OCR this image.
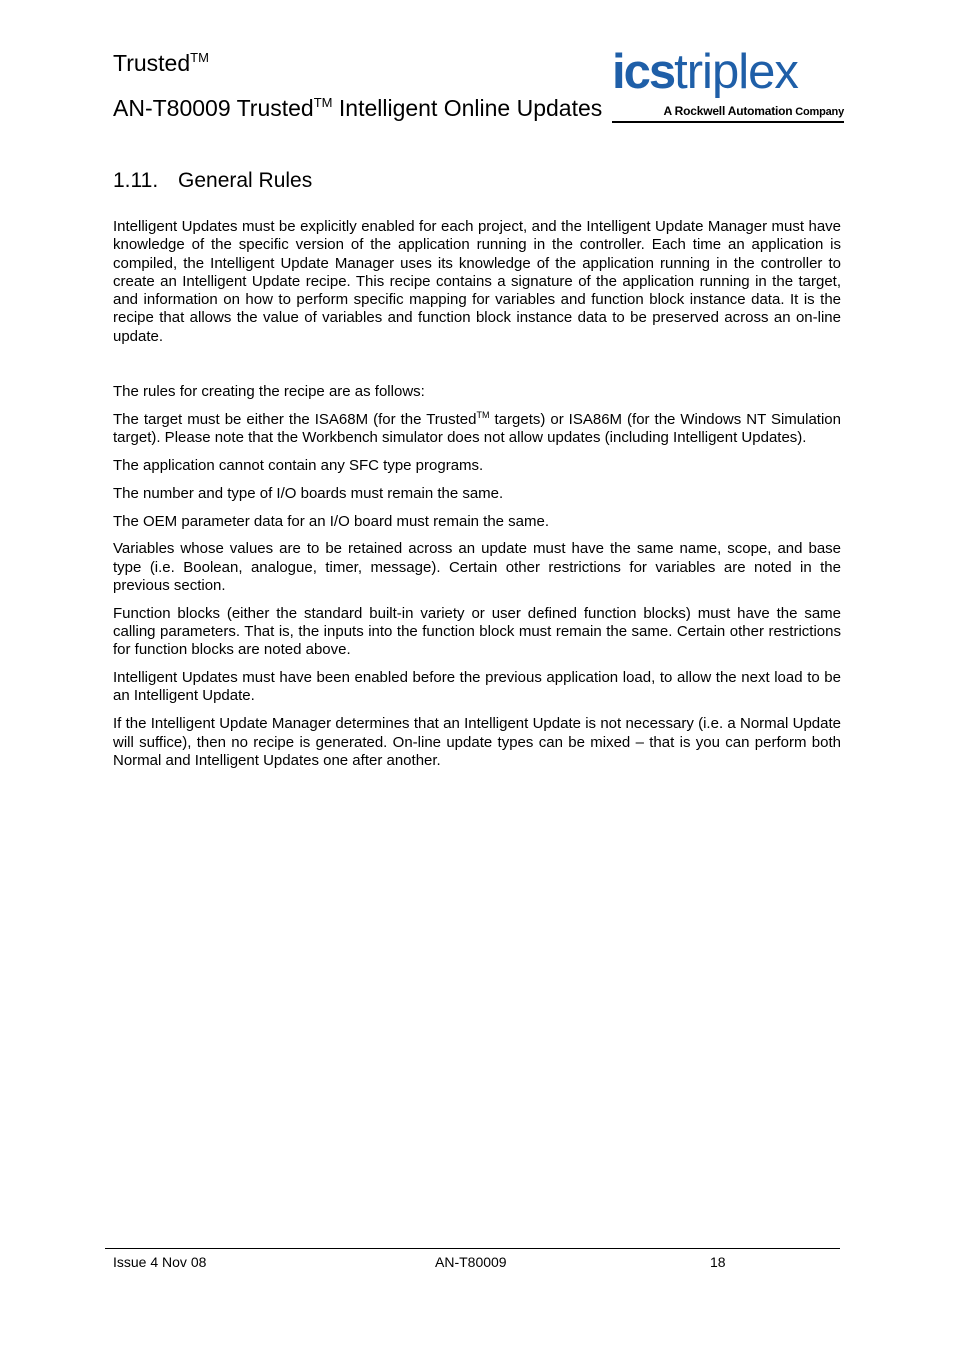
Trusted™
AN-T80009 Trusted™ Intelligent Online Updates
icstriplex
A Rockwell Automation Company
1.11. General Rules

Intelligent Updates must be explicitly enabled for each project, and the Intelligent Update Manager must have knowledge of the specific version of the application running in the controller. Each time an application is compiled, the Intelligent Update Manager uses its knowledge of the application running in the controller to create an Intelligent Update recipe. This recipe contains a signature of the application running in the target, and information on how to perform specific mapping for variables and function block instance data. It is the recipe that allows the value of variables and function block instance data to be preserved across an on-line update.

The rules for creating the recipe are as follows:

The target must be either the ISA68M (for the Trusted™ targets) or ISA86M (for the Windows NT Simulation target). Please note that the Workbench simulator does not allow updates (including Intelligent Updates).

The application cannot contain any SFC type programs.

The number and type of I/O boards must remain the same.

The OEM parameter data for an I/O board must remain the same.

Variables whose values are to be retained across an update must have the same name, scope, and base type (i.e. Boolean, analogue, timer, message). Certain other restrictions for variables are noted in the previous section.

Function blocks (either the standard built-in variety or user defined function blocks) must have the same calling parameters. That is, the inputs into the function block must remain the same. Certain other restrictions for function blocks are noted above.

Intelligent Updates must have been enabled before the previous application load, to allow the next load to be an Intelligent Update.

If the Intelligent Update Manager determines that an Intelligent Update is not necessary (i.e. a Normal Update will suffice), then no recipe is generated. On-line update types can be mixed – that is you can perform both Normal and Intelligent Updates one after another.

Issue 4 Nov 08	AN-T80009	18
